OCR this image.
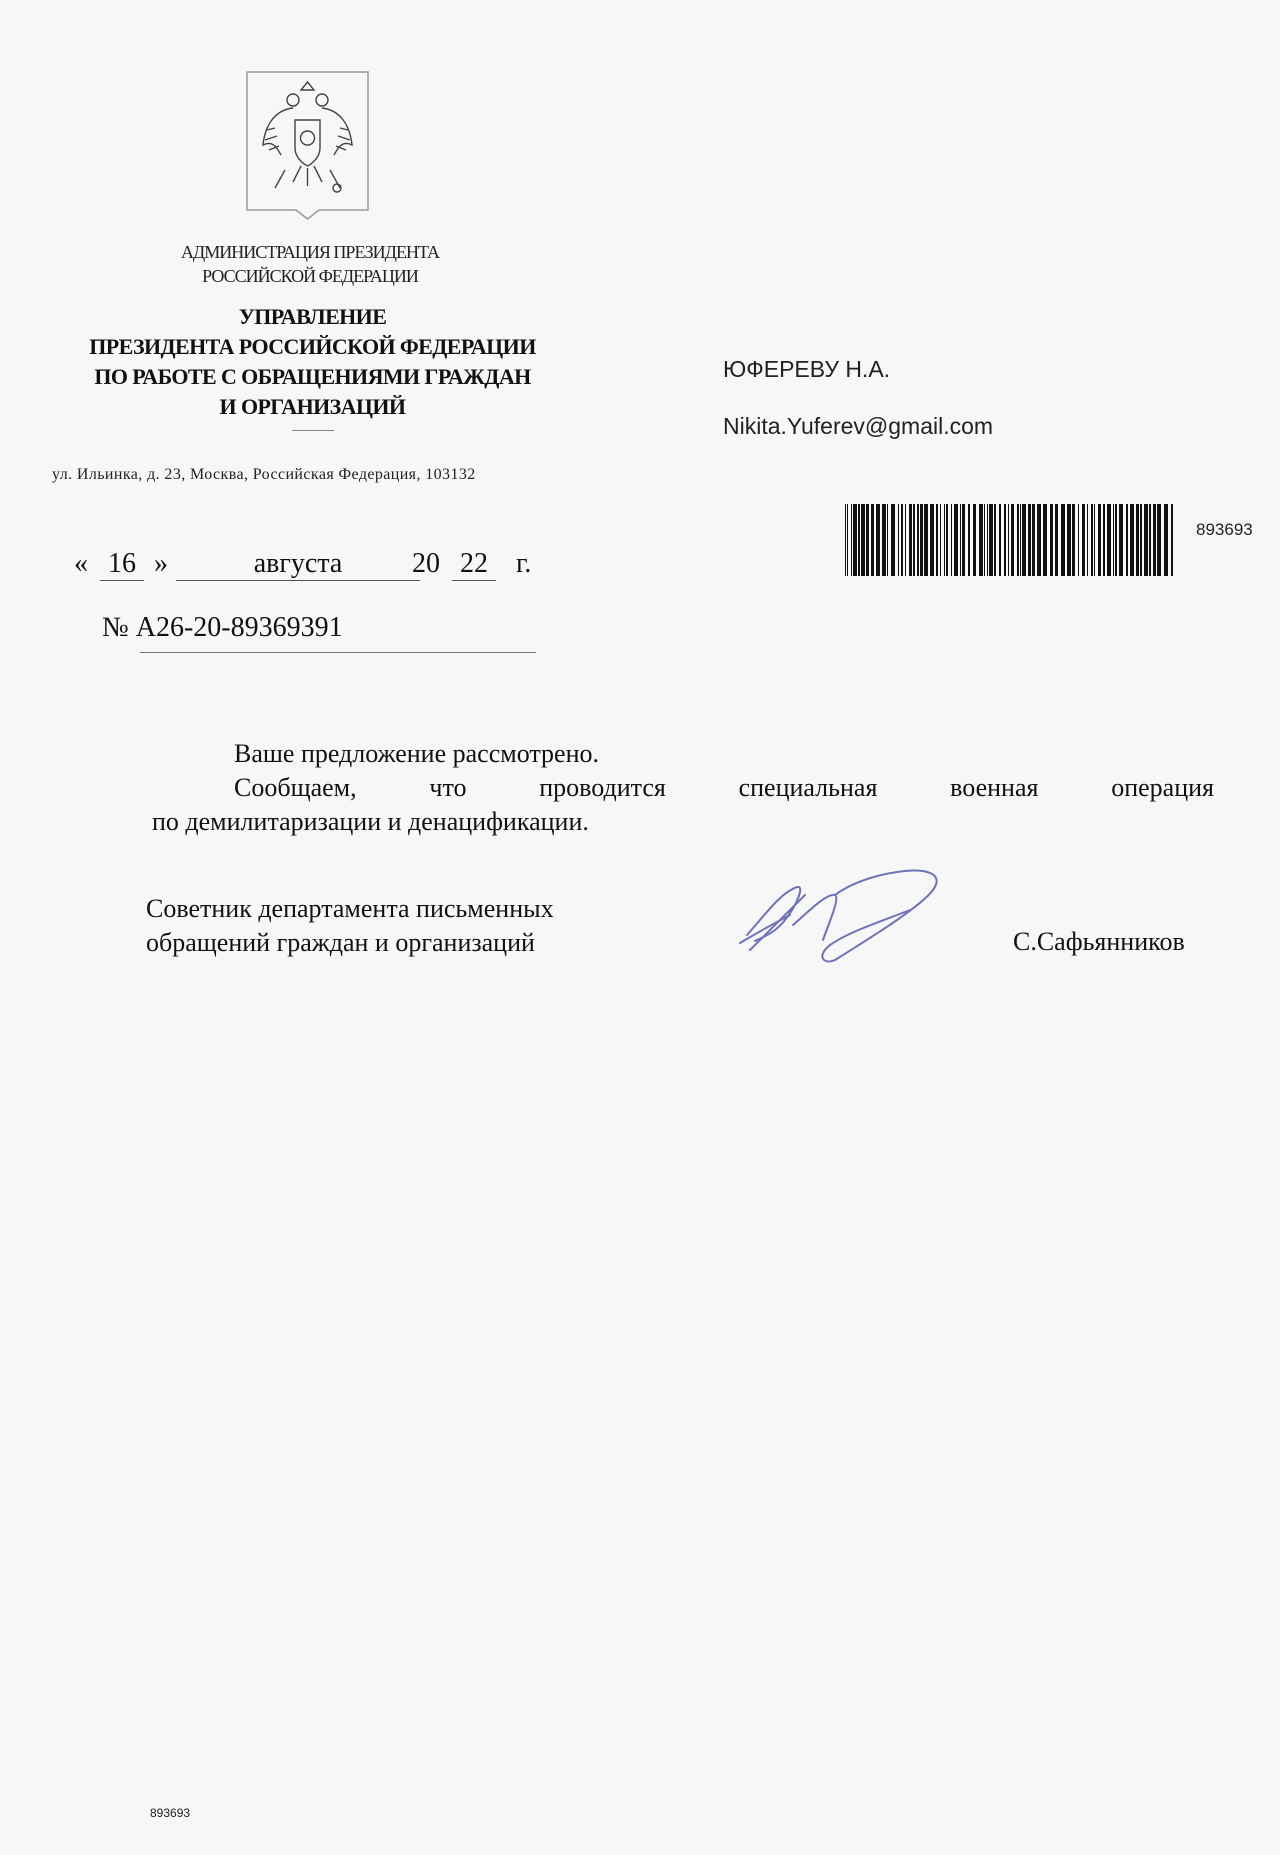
АДМИНИСТРАЦИЯ ПРЕЗИДЕНТА
РОССИЙСКОЙ ФЕДЕРАЦИИ
УПРАВЛЕНИЕ
ПРЕЗИДЕНТА РОССИЙСКОЙ ФЕДЕРАЦИИ
ПО РАБОТЕ С ОБРАЩЕНИЯМИ ГРАЖДАН
И ОРГАНИЗАЦИЙ
ул. Ильинка, д. 23, Москва, Российская Федерация, 103132
« 16 »	августа	20 22 г.
№ А26-20-89369391
ЮФЕРЕВУ Н.А.
Nikita.Yuferev@gmail.com
893693
Ваше предложение рассмотрено.
Сообщаем,	что	проводится	специальная	военная	операция
по демилитаризации и денацификации.
Советник департамента письменных
обращений граждан и организаций	С.Сафьянников
893693
